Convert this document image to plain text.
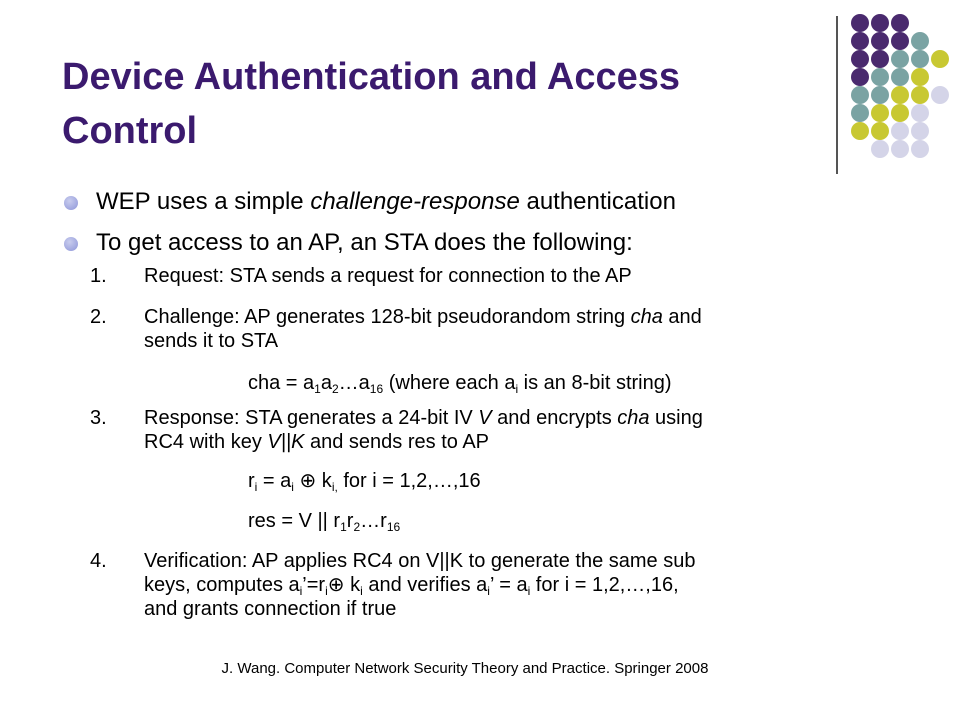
Device Authentication and Access Control
WEP uses a simple challenge-response authentication
To get access to an AP, an STA does the following:
1. Request: STA sends a request for connection to the AP
2. Challenge: AP generates 128-bit pseudorandom string cha and
sends it to STA
cha = $a_1a_2\dots a_{16}$ (where each $a_i$ is an 8-bit string)
3. Response: STA generates a 24-bit IV V and encrypts cha using
RC4 with key V||K and sends res to AP
$r_i = a_i$ ⊕ $k_{i,}$ for i = 1,2,…,16
res = V || $r_1r_2\dots r_{16}$
4. Verification: AP applies RC4 on V||K to generate the same sub
keys, computes $a_i’=r_i\oplus$ $k_i$ and verifies $a_i$’ = $a_i$ for i = 1,2,…,16,
and grants connection if true
J. Wang. Computer Network Security Theory and Practice. Springer 2008
